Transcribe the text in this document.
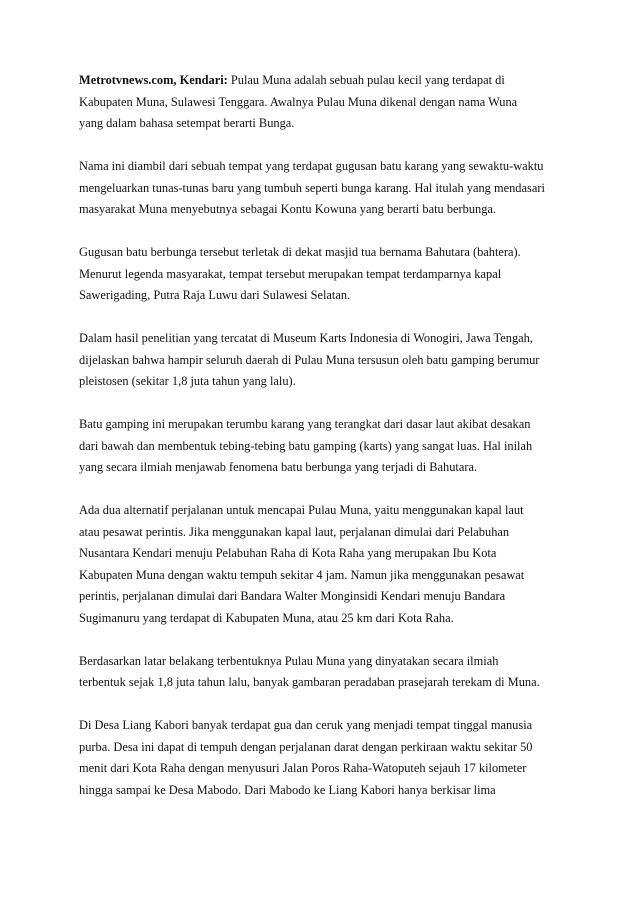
Metrotvnews.com, Kendari: Pulau Muna adalah sebuah pulau kecil yang terdapat di
Kabupaten Muna, Sulawesi Tenggara. Awalnya Pulau Muna dikenal dengan nama Wuna
yang dalam bahasa setempat berarti Bunga.

Nama ini diambil dari sebuah tempat yang terdapat gugusan batu karang yang sewaktu-waktu
mengeluarkan tunas-tunas baru yang tumbuh seperti bunga karang. Hal itulah yang mendasari
masyarakat Muna menyebutnya sebagai Kontu Kowuna yang berarti batu berbunga.

Gugusan batu berbunga tersebut terletak di dekat masjid tua bernama Bahutara (bahtera).
Menurut legenda masyarakat, tempat tersebut merupakan tempat terdamparnya kapal
Sawerigading, Putra Raja Luwu dari Sulawesi Selatan.

Dalam hasil penelitian yang tercatat di Museum Karts Indonesia di Wonogiri, Jawa Tengah,
dijelaskan bahwa hampir seluruh daerah di Pulau Muna tersusun oleh batu gamping berumur
pleistosen (sekitar 1,8 juta tahun yang lalu).

Batu gamping ini merupakan terumbu karang yang terangkat dari dasar laut akibat desakan
dari bawah dan membentuk tebing-tebing batu gamping (karts) yang sangat luas. Hal inilah
yang secara ilmiah menjawab fenomena batu berbunga yang terjadi di Bahutara.

Ada dua alternatif perjalanan untuk mencapai Pulau Muna, yaitu menggunakan kapal laut
atau pesawat perintis. Jika menggunakan kapal laut, perjalanan dimulai dari Pelabuhan
Nusantara Kendari menuju Pelabuhan Raha di Kota Raha yang merupakan Ibu Kota
Kabupaten Muna dengan waktu tempuh sekitar 4 jam. Namun jika menggunakan pesawat
perintis, perjalanan dimulai dari Bandara Walter Monginsidi Kendari menuju Bandara
Sugimanuru yang terdapat di Kabupaten Muna, atau 25 km dari Kota Raha.

Berdasarkan latar belakang terbentuknya Pulau Muna yang dinyatakan secara ilmiah
terbentuk sejak 1,8 juta tahun lalu, banyak gambaran peradaban prasejarah terekam di Muna.

Di Desa Liang Kabori banyak terdapat gua dan ceruk yang menjadi tempat tinggal manusia
purba. Desa ini dapat di tempuh dengan perjalanan darat dengan perkiraan waktu sekitar 50
menit dari Kota Raha dengan menyusuri Jalan Poros Raha-Watoputeh sejauh 17 kilometer
hingga sampai ke Desa Mabodo. Dari Mabodo ke Liang Kabori hanya berkisar lima
